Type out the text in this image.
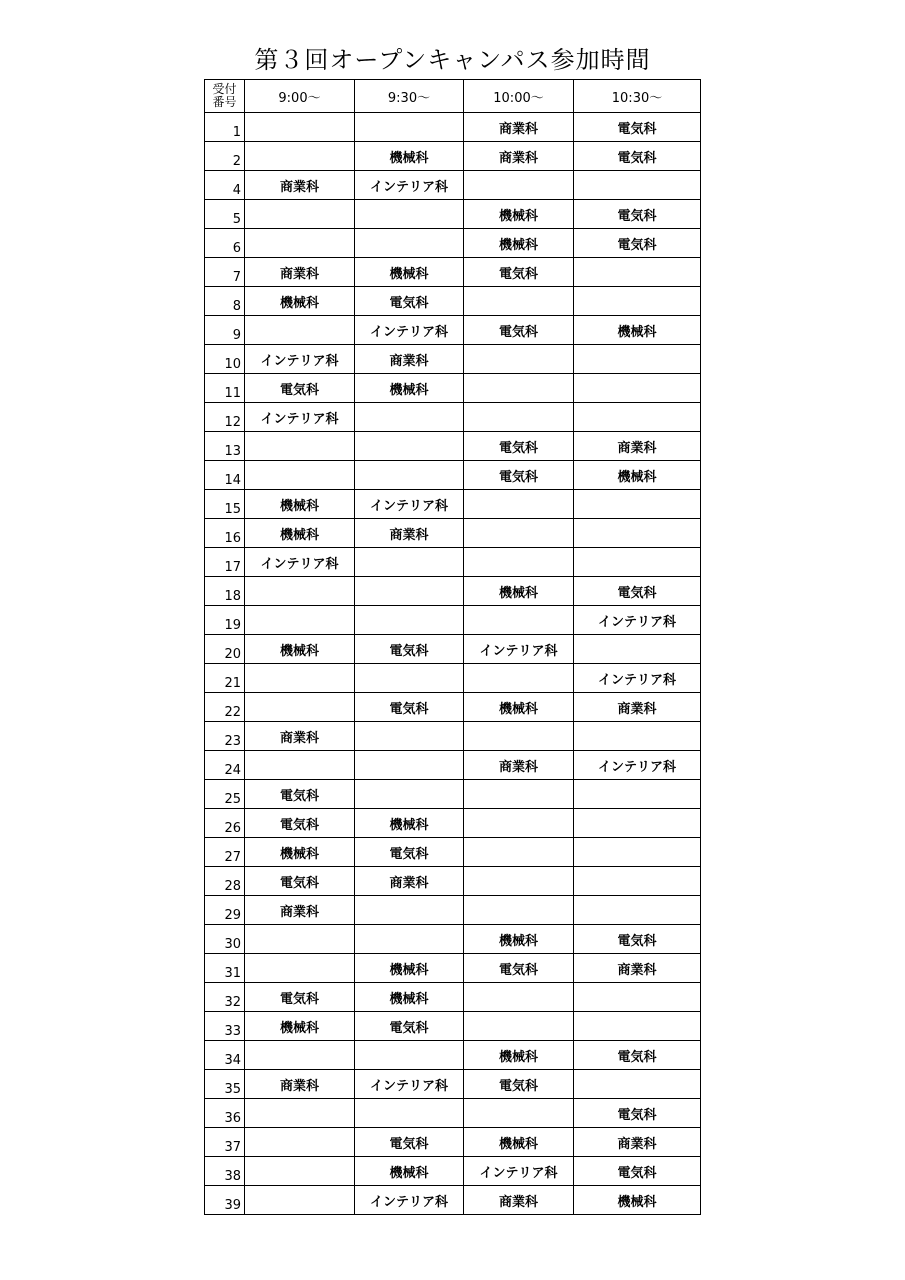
第３回オープンキャンパス参加時間
受付
番号	9:00～	9:30～	10:00～	10:30～
1			商業科	電気科
2		機械科	商業科	電気科
4	商業科	インテリア科		
5			機械科	電気科
6			機械科	電気科
7	商業科	機械科	電気科	
8	機械科	電気科		
9		インテリア科	電気科	機械科
10	インテリア科	商業科		
11	電気科	機械科		
12	インテリア科			
13			電気科	商業科
14			電気科	機械科
15	機械科	インテリア科		
16	機械科	商業科		
17	インテリア科			
18			機械科	電気科
19				インテリア科
20	機械科	電気科	インテリア科	
21				インテリア科
22		電気科	機械科	商業科
23	商業科			
24			商業科	インテリア科
25	電気科			
26	電気科	機械科		
27	機械科	電気科		
28	電気科	商業科		
29	商業科			
30			機械科	電気科
31		機械科	電気科	商業科
32	電気科	機械科		
33	機械科	電気科		
34			機械科	電気科
35	商業科	インテリア科	電気科	
36				電気科
37		電気科	機械科	商業科
38		機械科	インテリア科	電気科
39		インテリア科	商業科	機械科
